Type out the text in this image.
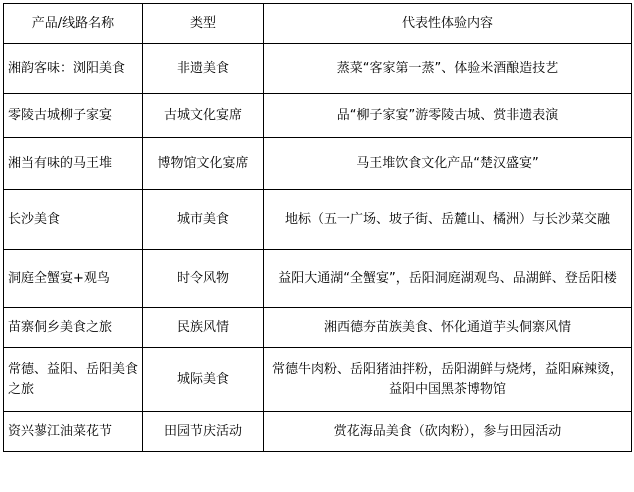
产品/线路名称	类型	代表性体验内容
湘韵客味：浏阳美食	非遗美食	蒸菜“客家第一蒸”、体验米酒酿造技艺
零陵古城柳子家宴	古城文化宴席	品“柳子家宴”游零陵古城、赏非遗表演
湘当有味的马王堆	博物馆文化宴席	马王堆饮食文化产品“楚汉盛宴”
长沙美食	城市美食	地标（五一广场、坡子街、岳麓山、橘洲）与长沙菜交融
洞庭全蟹宴+观鸟	时令风物	益阳大通湖“全蟹宴”，岳阳洞庭湖观鸟、品湖鲜、登岳阳楼
苗寨侗乡美食之旅	民族风情	湘西德夯苗族美食、怀化通道芋头侗寨风情
常德、益阳、岳阳美食之旅	城际美食	常德牛肉粉、岳阳猪油拌粉，岳阳湖鲜与烧烤，益阳麻辣烫，益阳中国黑茶博物馆
资兴蓼江油菜花节	田园节庆活动	赏花海品美食（砍肉粉），参与田园活动
